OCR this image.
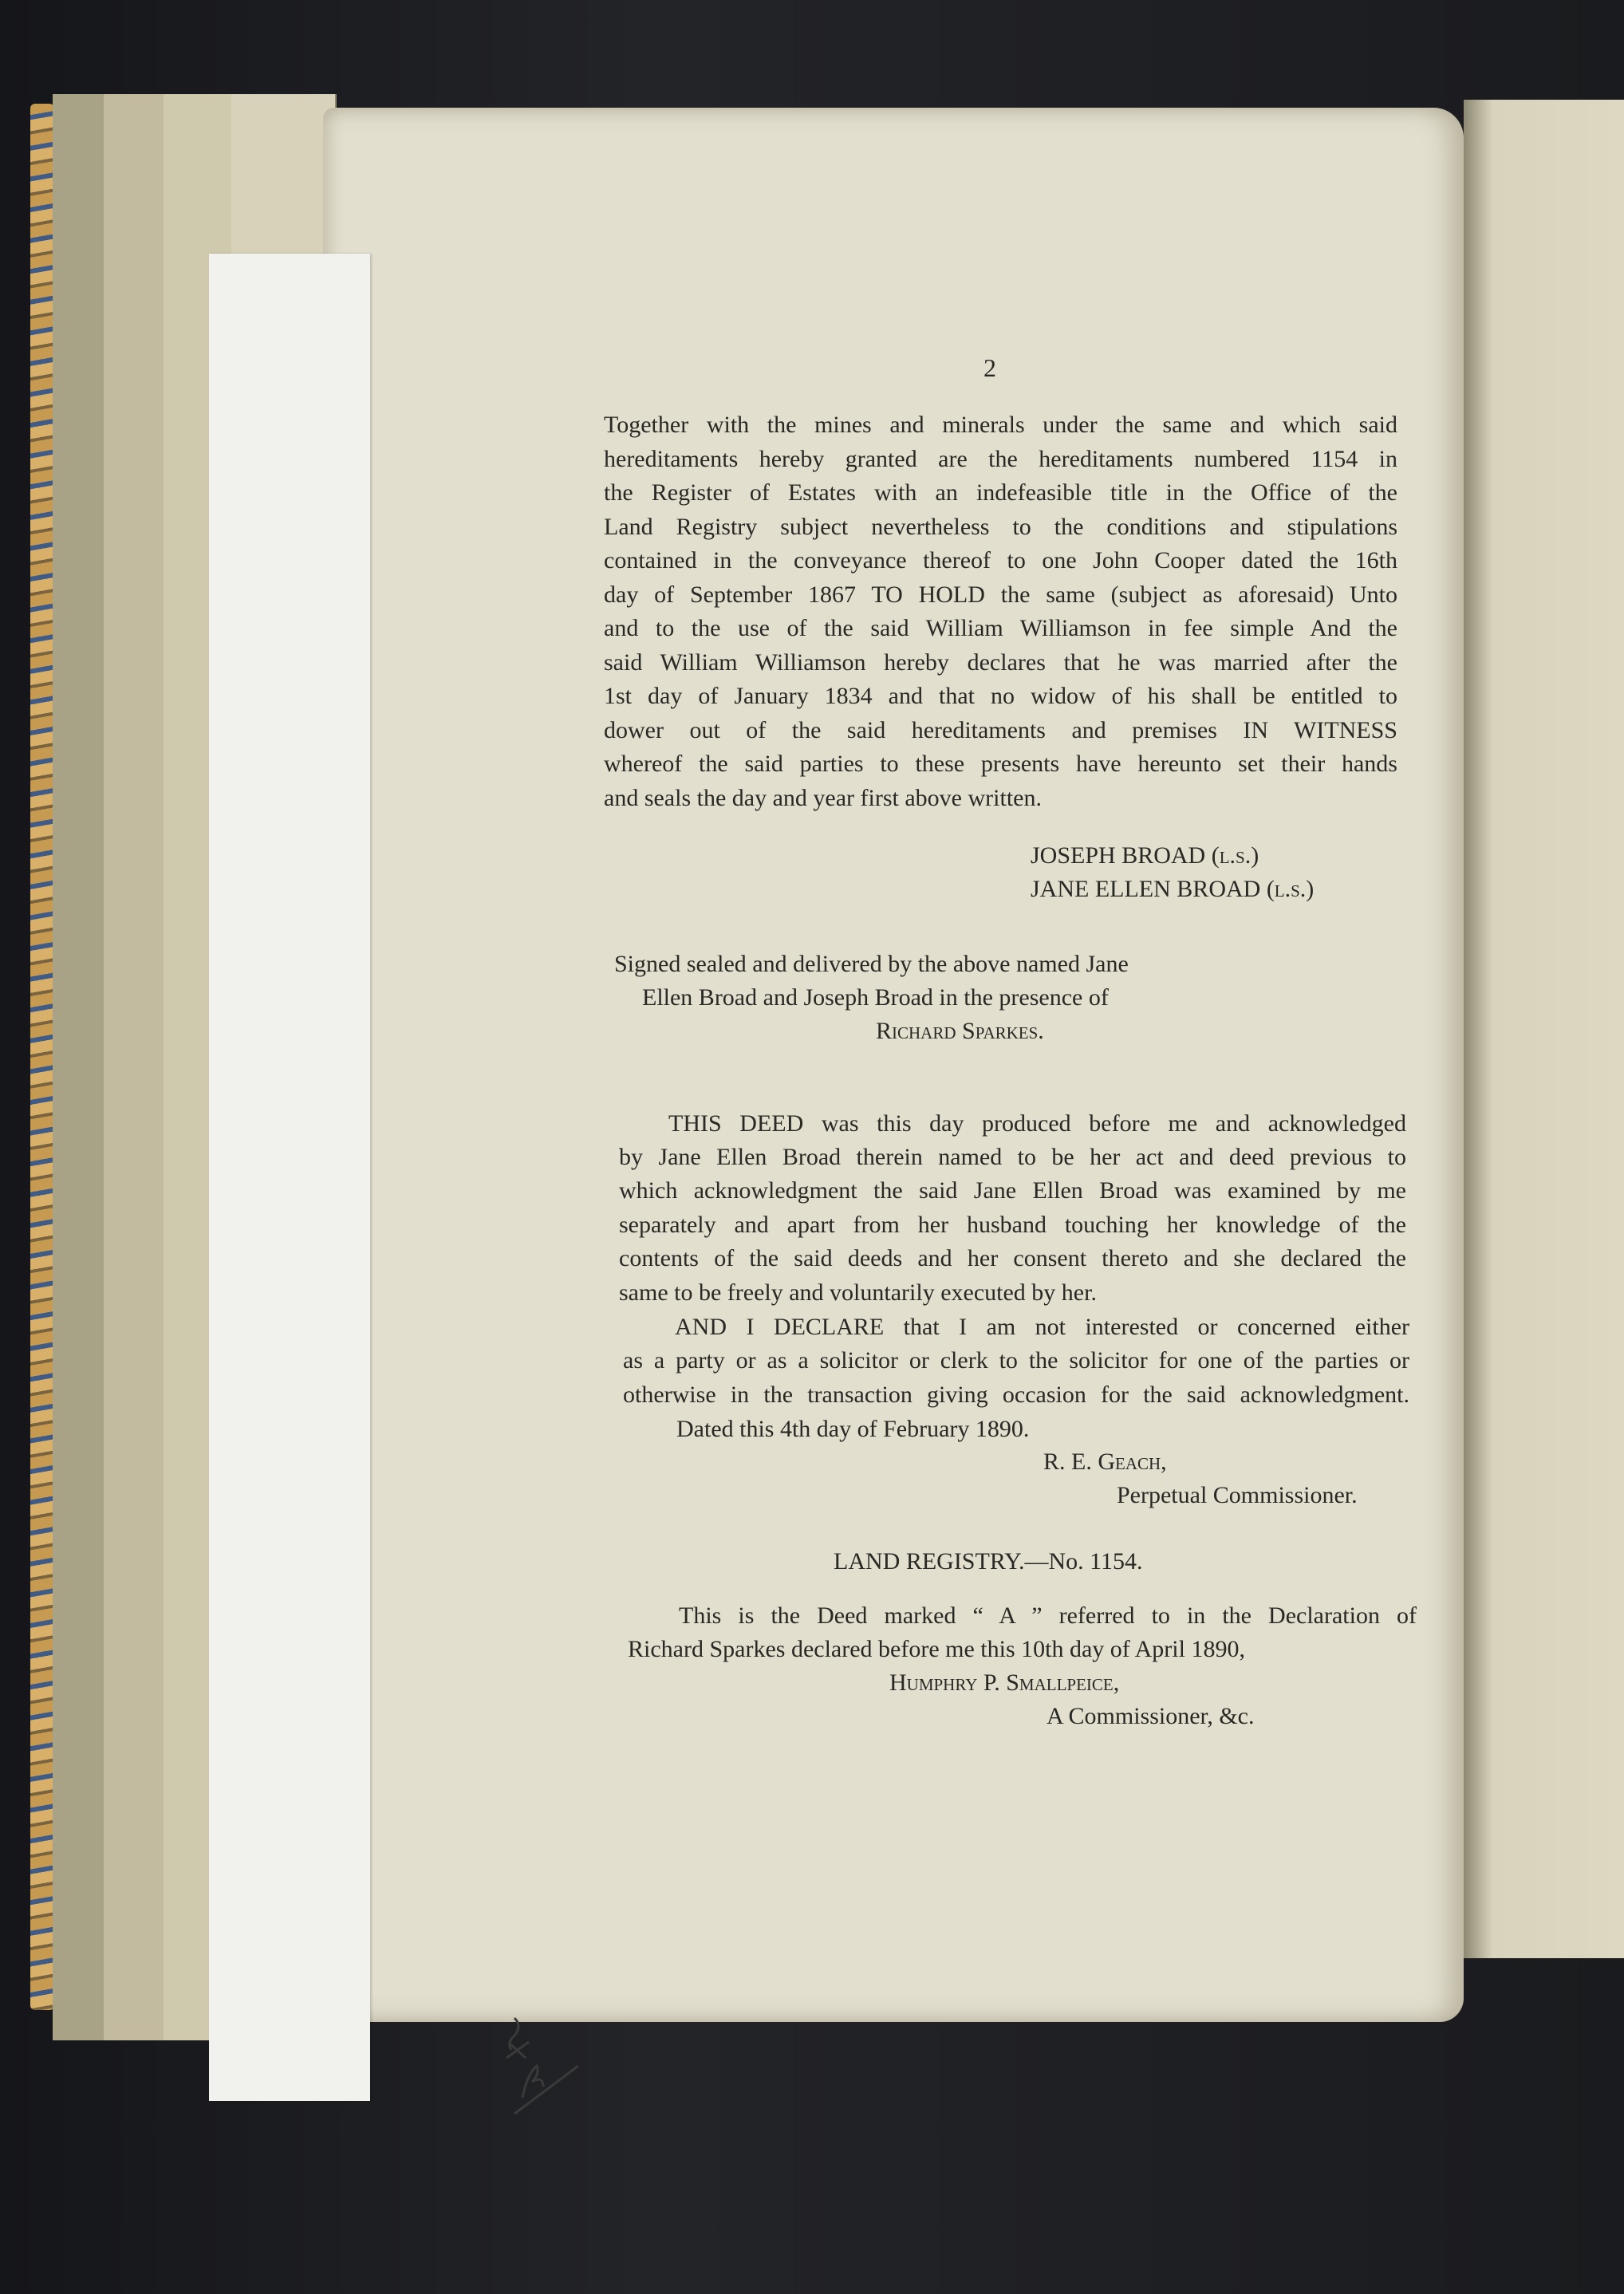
2

Together with the mines and minerals under the same and which said

hereditaments hereby granted are the hereditaments numbered 1154 in

the Register of Estates with an indefeasible title in the Office of the

Land Registry subject nevertheless to the conditions and stipulations

contained in the conveyance thereof to one John Cooper dated the 16th

day of September 1867 TO HOLD the same (subject as aforesaid) Unto

and to the use of the said William Williamson in fee simple And the

said William Williamson hereby declares that he was married after the

1st day of January 1834 and that no widow of his shall be entitled to

dower out of the said hereditaments and premises IN WITNESS

whereof the said parties to these presents have hereunto set their hands

and seals the day and year first above written.

JOSEPH BROAD (l.s.)

JANE ELLEN BROAD (l.s.)

Signed sealed and delivered by the above named Jane

Ellen Broad and Joseph Broad in the presence of

Richard Sparkes.

THIS DEED was this day produced before me and acknowledged

by Jane Ellen Broad therein named to be her act and deed previous to

which acknowledgment the said Jane Ellen Broad was examined by me

separately and apart from her husband touching her knowledge of the

contents of the said deeds and her consent thereto and she declared the

same to be freely and voluntarily executed by her.

AND I DECLARE that I am not interested or concerned either

as a party or as a solicitor or clerk to the solicitor for one of the parties or

otherwise in the transaction giving occasion for the said acknowledgment.

Dated this 4th day of February 1890.

R. E. Geach,

Perpetual Commissioner.

LAND REGISTRY.—No. 1154.

This is the Deed marked “ A ” referred to in the Declaration of

Richard Sparkes declared before me this 10th day of April 1890,

Humphry P. Smallpeice,

A Commissioner, &c.
